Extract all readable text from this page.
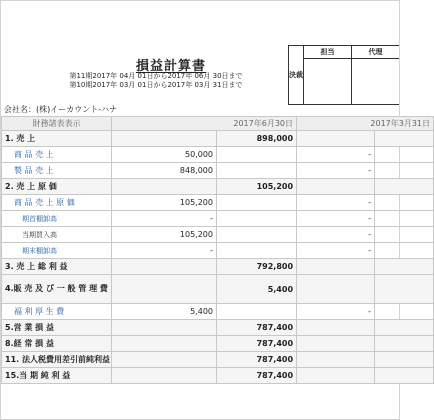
損益計算書
第11期2017年 04月 01日から2017年 06月 30日まで
第10期2017年 03月 01日から2017年 03月 31日まで
決裁
担当	代理
会社名：(株)イーカウント-ハナ
財務諸表表示	2017年6月30日		2017年3月31日	
1. 売 上		898,000		
商 品 売 上	50,000		-	
製 品 売 上	848,000		-	
2. 売 上 原 価		105,200		
商 品 売 上 原 価	105,200		-	
期首棚卸高	-		-	
当期買入高	105,200		-	
期末棚卸高	-		-	
3. 売 上 総 利 益		792,800		
4.販 売 及 び 一 般 管 理 費		5,400		
福 利 厚 生 費	5,400		-	
5.営 業 損 益		787,400		
8.経 常 損 益		787,400		
11. 法人税費用差引前純利益		787,400		
15.当 期 純 利 益		787,400		
